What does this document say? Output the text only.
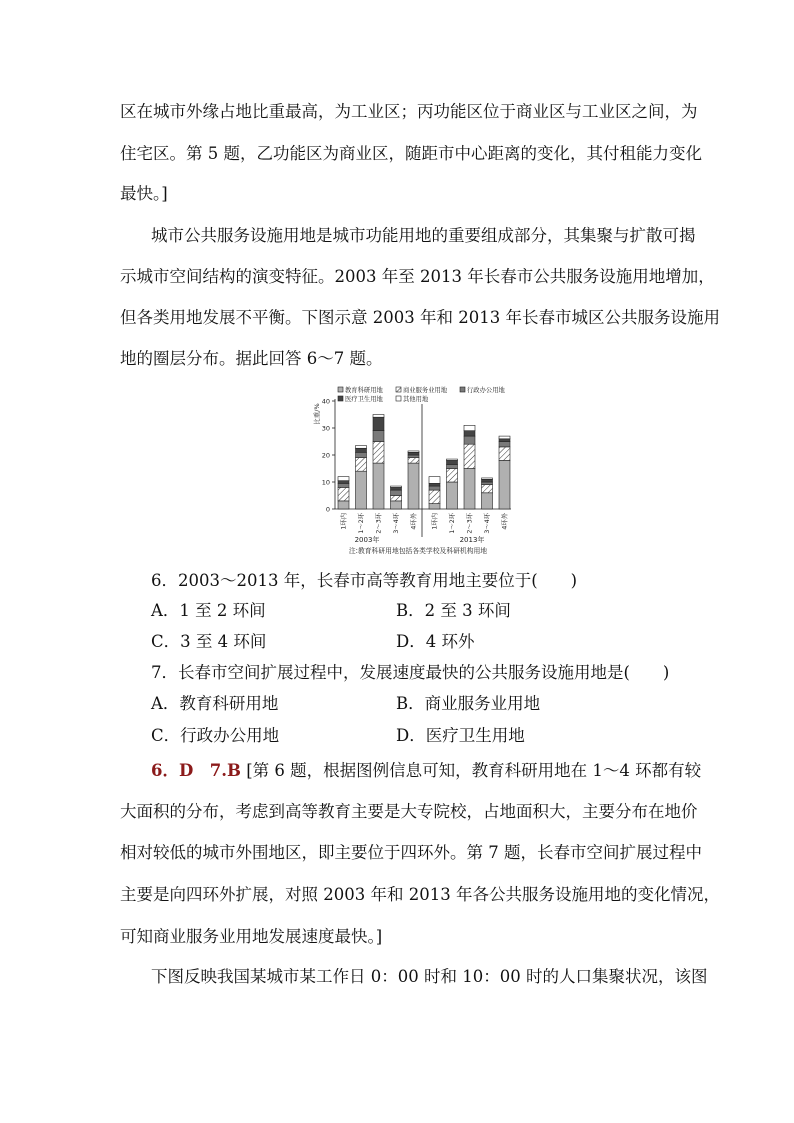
区在城市外缘占地比重最高，为工业区；丙功能区位于商业区与工业区之间，为
住宅区。第 5 题，乙功能区为商业区，随距市中心距离的变化，其付租能力变化
最快。]
城市公共服务设施用地是城市功能用地的重要组成部分，其集聚与扩散可揭
示城市空间结构的演变特征。2003 年至 2013 年长春市公共服务设施用地增加，
但各类用地发展不平衡。下图示意 2003 年和 2013 年长春市城区公共服务设施用
地的圈层分布。据此回答 6～7 题。
教育科研用地	商业服务业用地	行政办公用地
医疗卫生用地	其他用地
比重/%
0
10
20
30
40
1环内 1～2环 2～3环 3～4环	4环外	1环内 1～2环 2～3环 3～4环	4环外
2003年	2013年
注:教育科研用地包括各类学校及科研机构用地
6．2003～2013 年，长春市高等教育用地主要位于(　　)
A．1 至 2 环间	B．2 至 3 环间
C．3 至 4 环间	D．4 环外
7．长春市空间扩展过程中，发展速度最快的公共服务设施用地是(　　)
A．教育科研用地	B．商业服务业用地
C．行政办公用地	D．医疗卫生用地
6．D　7.B [第 6 题，根据图例信息可知，教育科研用地在 1～4 环都有较
大面积的分布，考虑到高等教育主要是大专院校，占地面积大，主要分布在地价
相对较低的城市外围地区，即主要位于四环外。第 7 题，长春市空间扩展过程中
主要是向四环外扩展，对照 2003 年和 2013 年各公共服务设施用地的变化情况，
可知商业服务业用地发展速度最快。]
下图反映我国某城市某工作日 0：00 时和 10：00 时的人口集聚状况，该图
